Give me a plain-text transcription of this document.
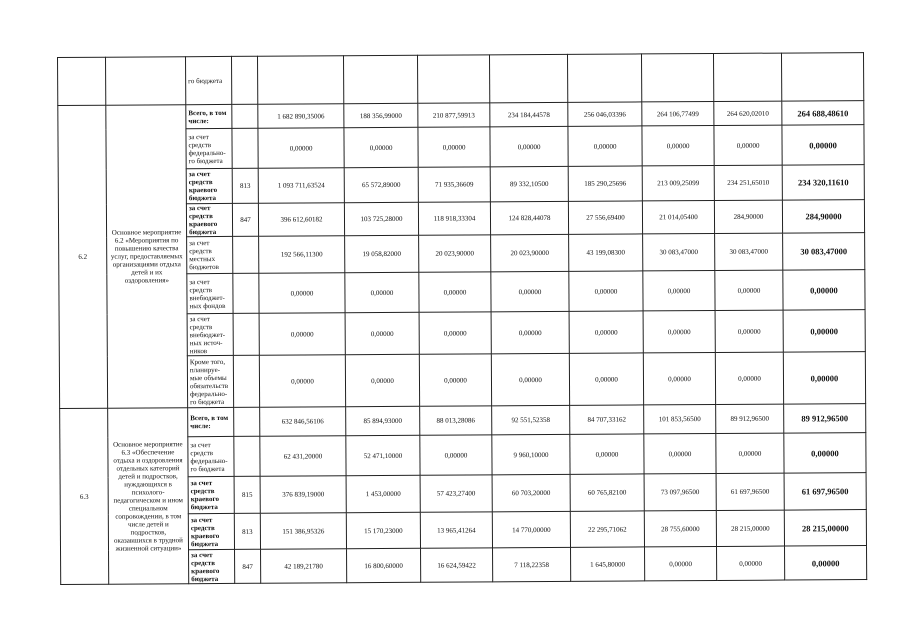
		го бюджета									
6.2	Основное мероприятие 6.2 «Мероприятия по повышению качества услуг, предоставляемых организациями отдыха детей и их оздоровления»	Всего, в том числе:		1 682 890,35006	188 356,99000	210 877,59913	234 184,44578	256 046,03396	264 106,77499	264 620,02010	264 688,48610
		за счет средств федерально-го бюджета		0,00000	0,00000	0,00000	0,00000	0,00000	0,00000	0,00000	0,00000
		за счет средств краевого бюджета	813	1 093 711,63524	65 572,89000	71 935,36609	89 332,10500	185 290,25696	213 009,25099	234 251,65010	234 320,11610
		за счет средств краевого бюджета	847	396 612,60182	103 725,28000	118 918,33304	124 828,44078	27 556,69400	21 014,05400	284,90000	284,90000
		за счет средств местных бюджетов		192 566,11300	19 058,82000	20 023,90000	20 023,90000	43 199,08300	30 083,47000	30 083,47000	30 083,47000
		за счет средств внебюджет-ных фондов		0,00000	0,00000	0,00000	0,00000	0,00000	0,00000	0,00000	0,00000
		за счет средств внебюджет-ных источ-ников		0,00000	0,00000	0,00000	0,00000	0,00000	0,00000	0,00000	0,00000
		Кроме того, планируе-мые объемы обязательств федерально-го бюджета		0,00000	0,00000	0,00000	0,00000	0,00000	0,00000	0,00000	0,00000
6.3	Основное мероприятие 6.3 «Обеспечение отдыха и оздоровления отдельных категорий детей и подростков, нуждающихся в психолого-педагогическом и ином специальном сопровождении, в том числе детей и подростков, оказавшихся в трудной жизненной ситуации»	Всего, в том числе:		632 846,56106	85 894,93000	88 013,28086	92 551,52358	84 707,33162	101 853,56500	89 912,96500	89 912,96500
		за счет средств федерально-го бюджета		62 431,20000	52 471,10000	0,00000	9 960,10000	0,00000	0,00000	0,00000	0,00000
		за счет средств краевого бюджета	815	376 839,19000	1 453,00000	57 423,27400	60 703,20000	60 765,82100	73 097,96500	61 697,96500	61 697,96500
		за счет средств краевого бюджета	813	151 386,95326	15 170,23000	13 965,41264	14 770,00000	22 295,71062	28 755,60000	28 215,00000	28 215,00000
		за счет средств краевого бюджета	847	42 189,21780	16 800,60000	16 624,59422	7 118,22358	1 645,80000	0,00000	0,00000	0,00000
